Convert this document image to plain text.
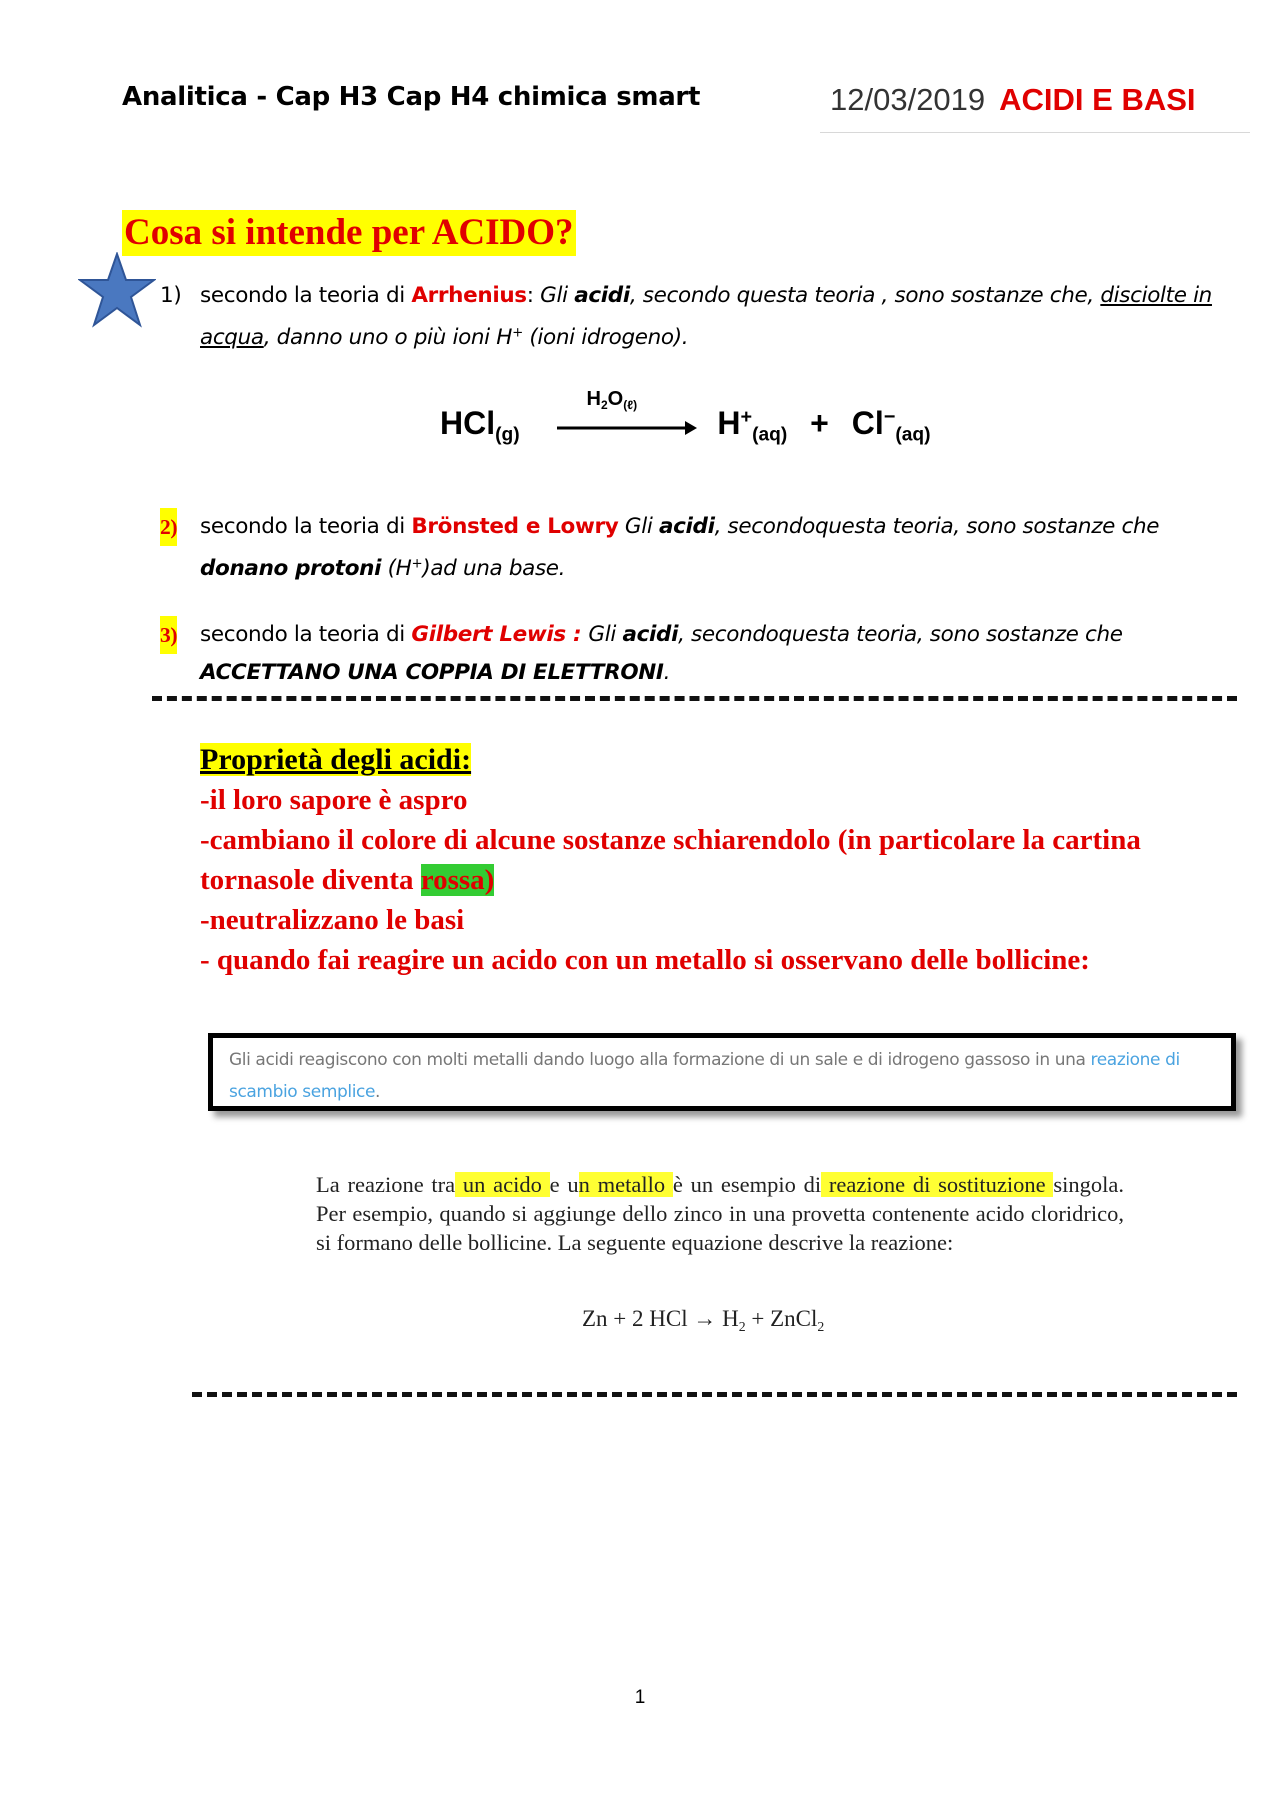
Analitica - Cap H3 Cap H4 chimica smart	12/03/2019 ACIDI E BASI
Cosa si intende per ACIDO?
1) secondo la teoria di Arrhenius: Gli acidi, secondo questa teoria , sono sostanze che, disciolte in acqua, danno uno o più ioni H+ (ioni idrogeno).
HCl$_{(g)}$
$H_2O_{(\ell)}$
$H^+_{(aq)} + Cl^-_{(aq)}$
2) secondo la teoria di Brönsted e Lowry Gli acidi, secondoquesta teoria, sono sostanze che donano protoni (H+)ad una base.
3) secondo la teoria di Gilbert Lewis : Gli acidi, secondoquesta teoria, sono sostanze che ACCETTANO UNA COPPIA DI ELETTRONI.
Proprietà degli acidi:
-il loro sapore è aspro
-cambiano il colore di alcune sostanze schiarendolo (in particolare la cartina tornasole diventa rossa)
-neutralizzano le basi
- quando fai reagire un acido con un metallo si osservano delle bollicine:
Gli acidi reagiscono con molti metalli dando luogo alla formazione di un sale e di idrogeno gassoso in una reazione di scambio semplice.
La reazione tra un acido e un metallo è un esempio di reazione di sostituzione singola. Per esempio, quando si aggiunge dello zinco in una provetta contenente acido cloridrico, si formano delle bollicine. La seguente equazione descrive la reazione:
Zn + 2 HCl → $H_2$ + ZnCl$_2$
1
